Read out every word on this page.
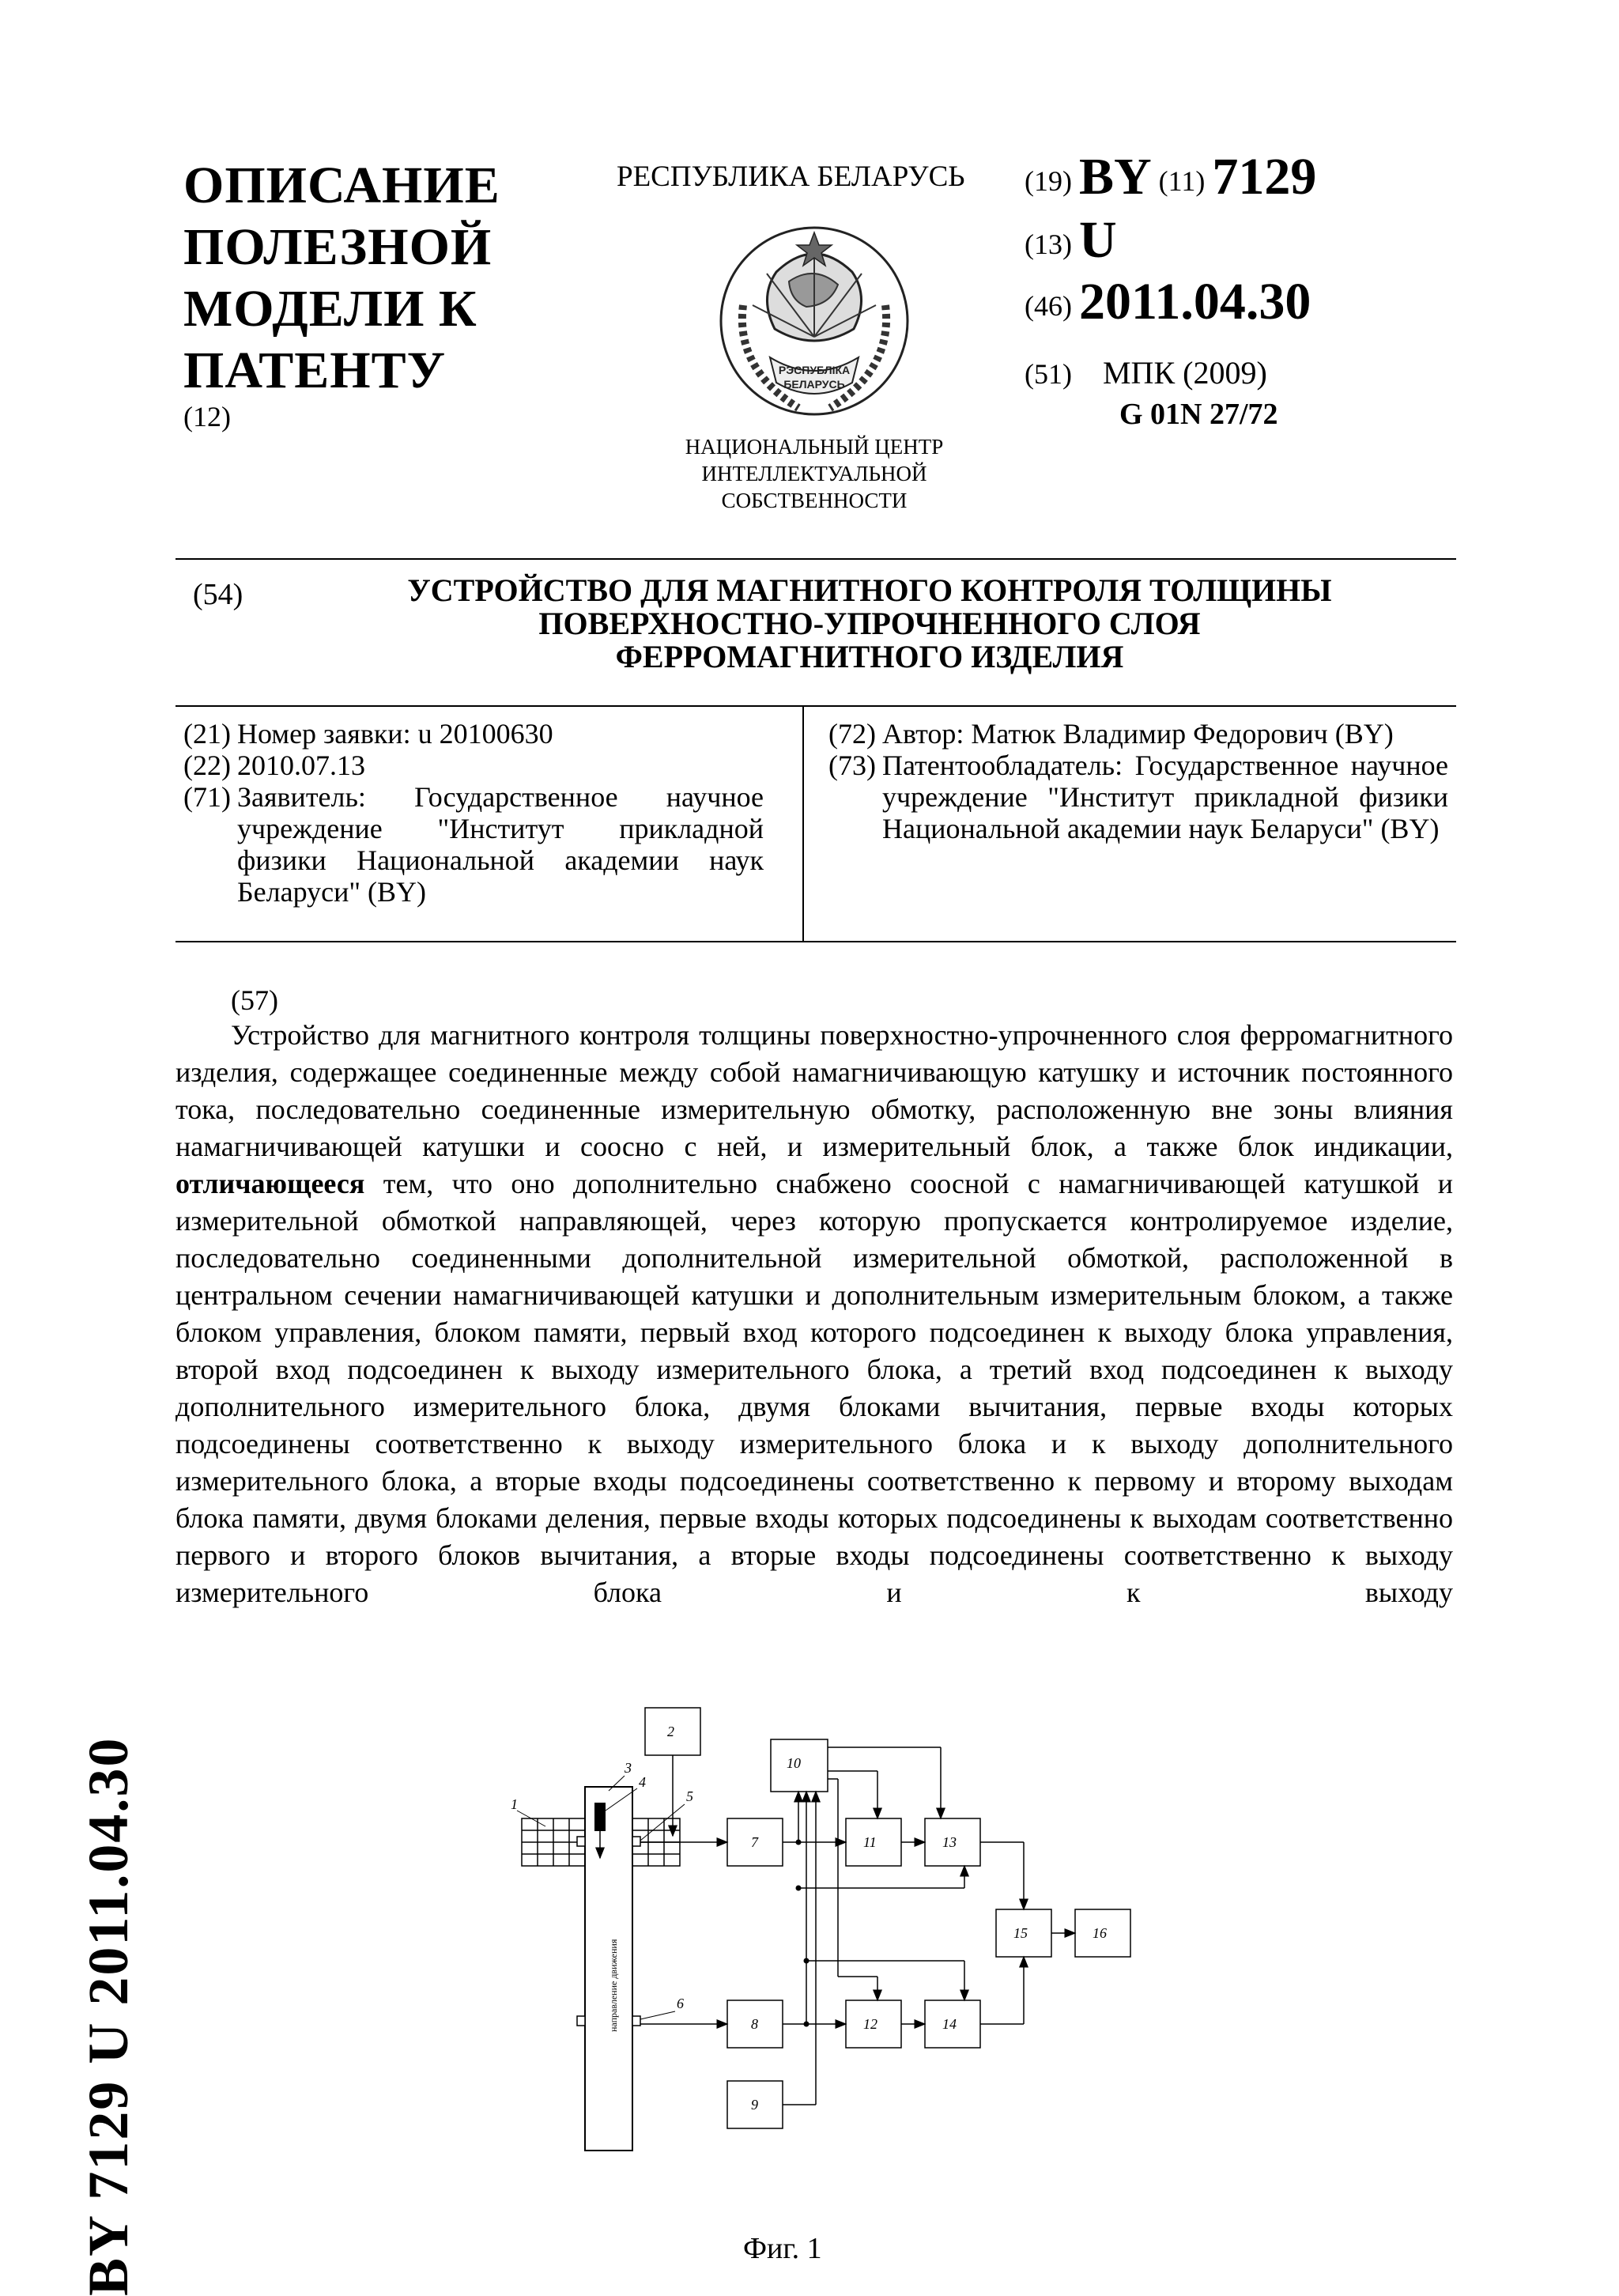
ОПИСАНИЕ
ПОЛЕЗНОЙ
МОДЕЛИ К
ПАТЕНТУ
(12)
РЕСПУБЛИКА БЕЛАРУСЬ
РЭСПУБЛІКА
БЕЛАРУСЬ
НАЦИОНАЛЬНЫЙ ЦЕНТР
ИНТЕЛЛЕКТУАЛЬНОЙ
СОБСТВЕННОСТИ
(19) BY (11) 7129
(13) U
(46) 2011.04.30
(51) МПК (2009)
G 01N 27/72
(54)	УСТРОЙСТВО ДЛЯ МАГНИТНОГО КОНТРОЛЯ ТОЛЩИНЫ
ПОВЕРХНОСТНО-УПРОЧНЕННОГО СЛОЯ
ФЕРРОМАГНИТНОГО ИЗДЕЛИЯ
(21) Номер заявки: u 20100630
(22) 2010.07.13
(71) Заявитель: Государственное научное учреждение "Институт прикладной физики Национальной академии наук Беларуси" (BY)
(72) Автор: Матюк Владимир Федорович (BY)
(73) Патентообладатель: Государственное научное учреждение "Институт прикладной физики Национальной академии наук Беларуси" (BY)
(57)

Устройство для магнитного контроля толщины поверхностно-упрочненного слоя ферромагнитного изделия, содержащее соединенные между собой намагничивающую катушку и источник постоянного тока, последовательно соединенные измерительную обмотку, расположенную вне зоны влияния намагничивающей катушки и соосно с ней, и измерительный блок, а также блок индикации, отличающееся тем, что оно дополнительно снабжено соосной с намагничивающей катушкой и измерительной обмоткой направляющей, через которую пропускается контролируемое изделие, последовательно соединенными дополнительной измерительной обмоткой, расположенной в центральном сечении намагничивающей катушки и дополнительным измерительным блоком, а также блоком управления, блоком памяти, первый вход которого подсоединен к выходу блока управления, второй вход подсоединен к выходу измерительного блока, а третий вход подсоединен к выходу дополнительного измерительного блока, двумя блоками вычитания, первые входы которых подсоединены соответственно к выходу измерительного блока и к выходу дополнительного измерительного блока, а вторые входы подсоединены соответственно к первому и второму выходам блока памяти, двумя блоками деления, первые входы которых подсоединены к выходам соответственно первого и второго блоков вычитания, а вторые входы подсоединены соответственно к выходу измерительного блока и к выходу

BY 7129 U 2011.04.30	направление движения
1
3
4
5
6
2
7
8
9
10
11
12
13
14
15	16
Фиг. 1
